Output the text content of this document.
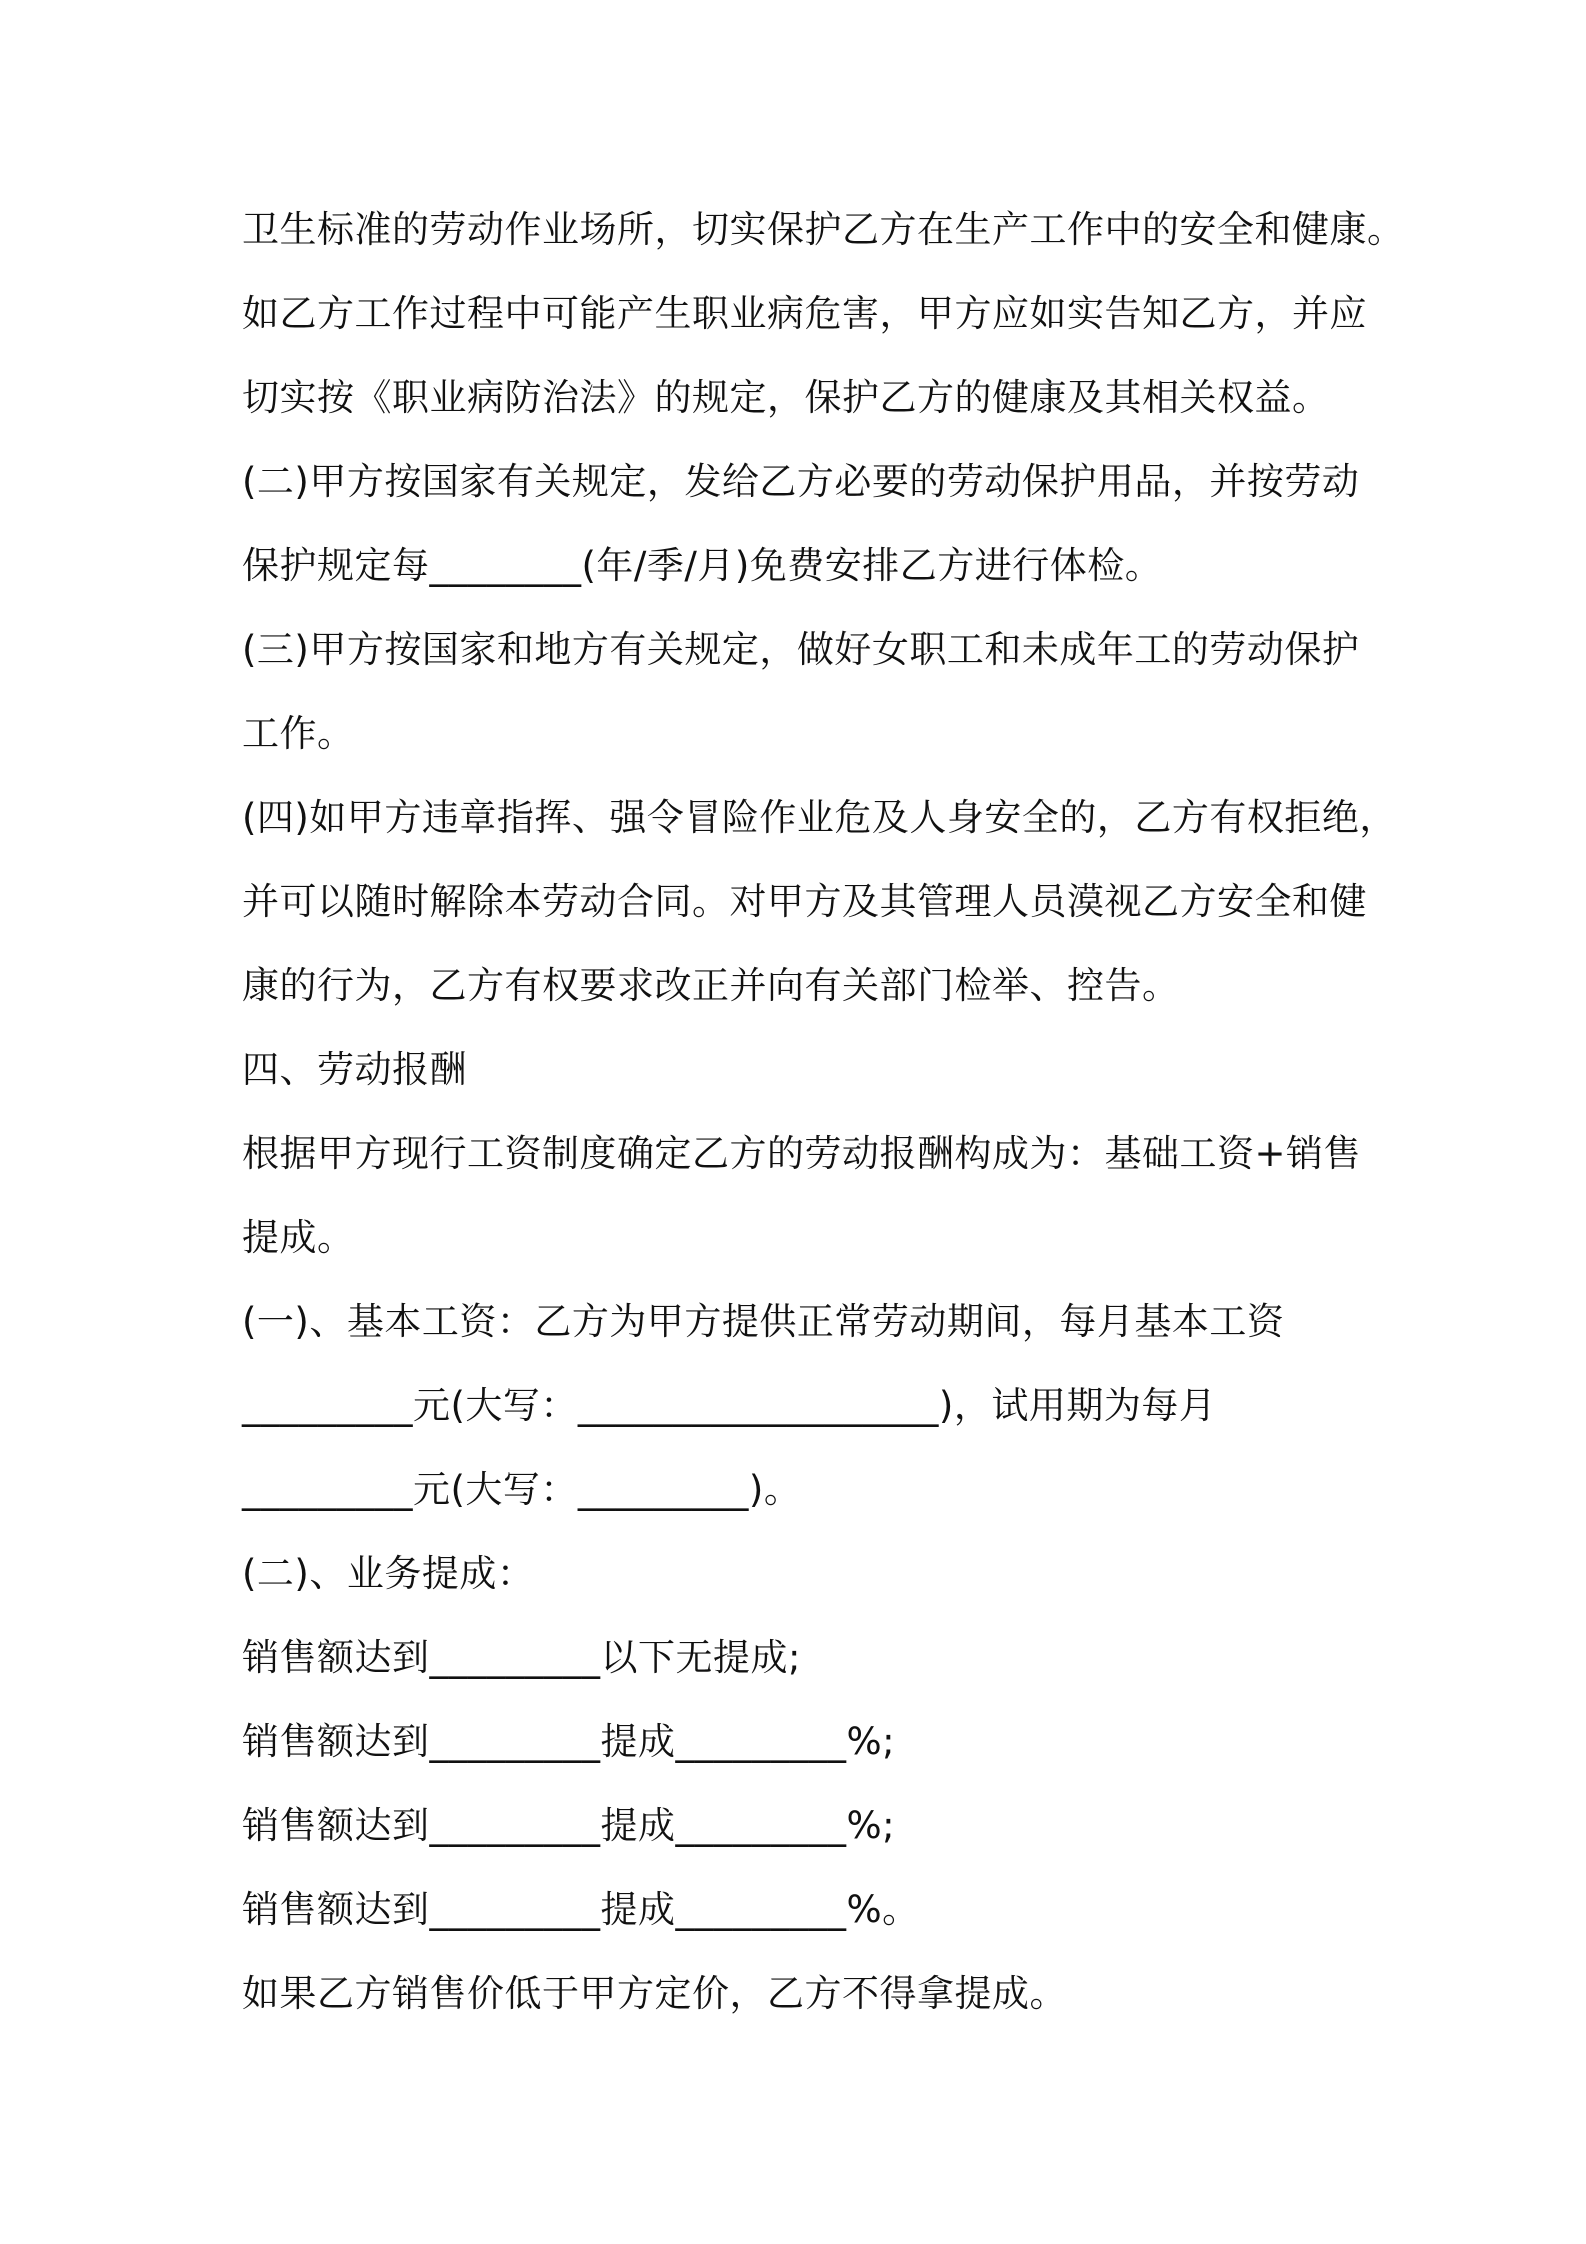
卫生标准的劳动作业场所，切实保护乙方在生产工作中的安全和健康。
如乙方工作过程中可能产生职业病危害，甲方应如实告知乙方，并应
切实按《职业病防治法》的规定，保护乙方的健康及其相关权益。
(二)甲方按国家有关规定，发给乙方必要的劳动保护用品，并按劳动
保护规定每________(年/季/月)免费安排乙方进行体检。
(三)甲方按国家和地方有关规定，做好女职工和未成年工的劳动保护
工作。
(四)如甲方违章指挥、强令冒险作业危及人身安全的，乙方有权拒绝，
并可以随时解除本劳动合同。对甲方及其管理人员漠视乙方安全和健
康的行为，乙方有权要求改正并向有关部门检举、控告。
四、劳动报酬
根据甲方现行工资制度确定乙方的劳动报酬构成为：基础工资+销售
提成。
(一)、基本工资：乙方为甲方提供正常劳动期间，每月基本工资
_________元(大写：___________________)，试用期为每月
_________元(大写：_________)。
(二)、业务提成：
销售额达到_________以下无提成;
销售额达到_________提成_________%;
销售额达到_________提成_________%;
销售额达到_________提成_________%。
如果乙方销售价低于甲方定价，乙方不得拿提成。
